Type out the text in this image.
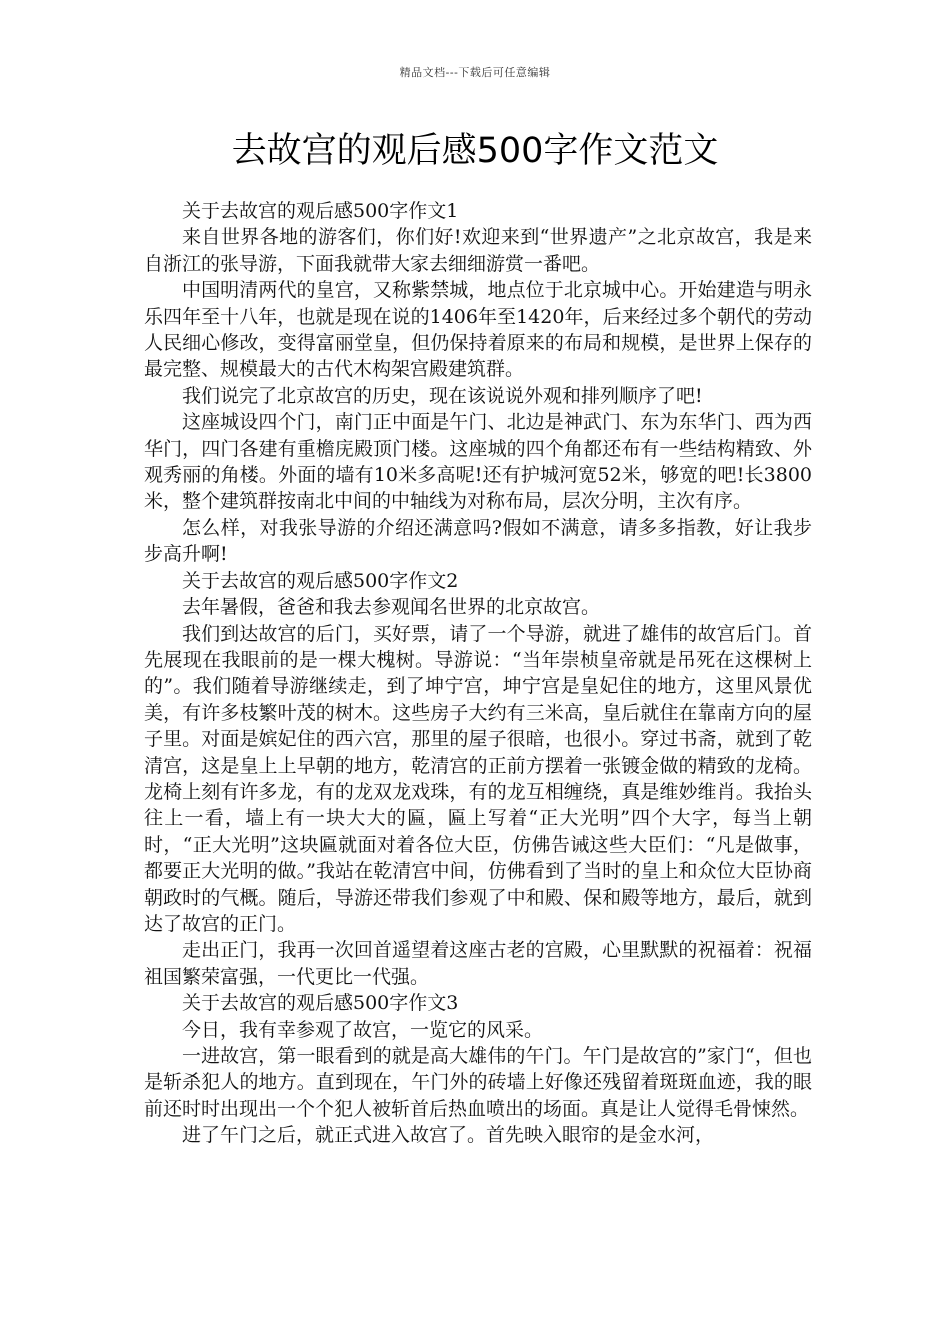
精品文档---下载后可任意编辑
去故宫的观后感500字作文范文

关于去故宫的观后感500字作文1

来自世界各地的游客们，你们好!欢迎来到“世界遗产”之北京故宫，我是来自浙江的张导游，下面我就带大家去细细游赏一番吧。

中国明清两代的皇宫，又称紫禁城，地点位于北京城中心。开始建造与明永乐四年至十八年，也就是现在说的1406年至1420年，后来经过多个朝代的劳动人民细心修改，变得富丽堂皇，但仍保持着原来的布局和规模，是世界上保存的最完整、规模最大的古代木构架宫殿建筑群。

我们说完了北京故宫的历史，现在该说说外观和排列顺序了吧!

这座城设四个门，南门正中面是午门、北边是神武门、东为东华门、西为西华门，四门各建有重檐庑殿顶门楼。这座城的四个角都还布有一些结构精致、外观秀丽的角楼。外面的墙有10米多高呢!还有护城河宽52米，够宽的吧!长3800米，整个建筑群按南北中间的中轴线为对称布局，层次分明，主次有序。

怎么样，对我张导游的介绍还满意吗?假如不满意，请多多指教，好让我步步高升啊!

关于去故宫的观后感500字作文2

去年暑假，爸爸和我去参观闻名世界的北京故宫。

我们到达故宫的后门，买好票，请了一个导游，就进了雄伟的故宫后门。首先展现在我眼前的是一棵大槐树。导游说：“当年崇桢皇帝就是吊死在这棵树上的”。我们随着导游继续走，到了坤宁宫，坤宁宫是皇妃住的地方，这里风景优美，有许多枝繁叶茂的树木。这些房子大约有三米高，皇后就住在靠南方向的屋子里。对面是嫔妃住的西六宫，那里的屋子很暗，也很小。穿过书斋，就到了乾清宫，这是皇上上早朝的地方，乾清宫的正前方摆着一张镀金做的精致的龙椅。龙椅上刻有许多龙，有的龙双龙戏珠，有的龙互相缠绕，真是维妙维肖。我抬头往上一看，墙上有一块大大的匾，匾上写着“正大光明”四个大字，每当上朝时，“正大光明”这块匾就面对着各位大臣，仿佛告诫这些大臣们：“凡是做事，都要正大光明的做。”我站在乾清宫中间，仿佛看到了当时的皇上和众位大臣协商朝政时的气概。随后，导游还带我们参观了中和殿、保和殿等地方，最后，就到达了故宫的正门。

走出正门，我再一次回首遥望着这座古老的宫殿，心里默默的祝福着：祝福祖国繁荣富强，一代更比一代强。

关于去故宫的观后感500字作文3

今日，我有幸参观了故宫，一览它的风采。

一进故宫，第一眼看到的就是高大雄伟的午门。午门是故宫的”家门“，但也是斩杀犯人的地方。直到现在，午门外的砖墙上好像还残留着斑斑血迹，我的眼前还时时出现出一个个犯人被斩首后热血喷出的场面。真是让人觉得毛骨悚然。

进了午门之后，就正式进入故宫了。首先映入眼帘的是金水河，
